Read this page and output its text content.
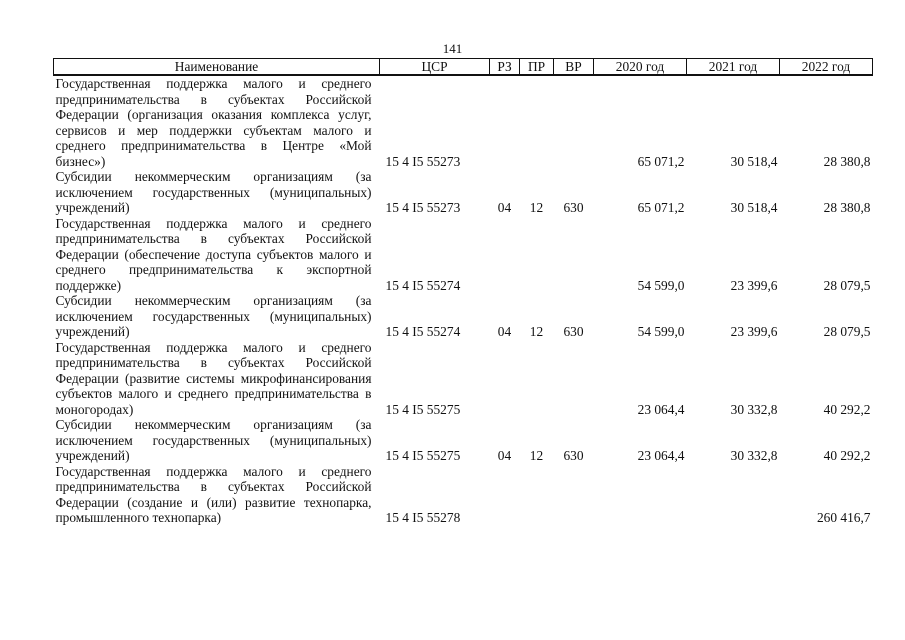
141
Наименование	ЦСР	РЗ	ПР	ВР	2020 год	2021 год	2022 год
Государственная поддержка малого и среднего предпринимательства в субъектах Российской Федерации (организация оказания комплекса услуг, сервисов и мер поддержки субъектам малого и среднего предпринимательства в Центре «Мой бизнес»)	15 4 I5 55273				65 071,2	30 518,4	28 380,8
Субсидии некоммерческим организациям (за исключением государственных (муниципальных) учреждений)	15 4 I5 55273	04	12	630	65 071,2	30 518,4	28 380,8
Государственная поддержка малого и среднего предпринимательства в субъектах Российской Федерации (обеспечение доступа субъектов малого и среднего предпринимательства к экспортной поддержке)	15 4 I5 55274				54 599,0	23 399,6	28 079,5
Субсидии некоммерческим организациям (за исключением государственных (муниципальных) учреждений)	15 4 I5 55274	04	12	630	54 599,0	23 399,6	28 079,5
Государственная поддержка малого и среднего предпринимательства в субъектах Российской Федерации (развитие системы микрофинансирования субъектов малого и среднего предпринимательства в моногородах)	15 4 I5 55275				23 064,4	30 332,8	40 292,2
Субсидии некоммерческим организациям (за исключением государственных (муниципальных) учреждений)	15 4 I5 55275	04	12	630	23 064,4	30 332,8	40 292,2
Государственная поддержка малого и среднего предпринимательства в субъектах Российской Федерации (создание и (или) развитие технопарка, промышленного технопарка)	15 4 I5 55278						260 416,7
